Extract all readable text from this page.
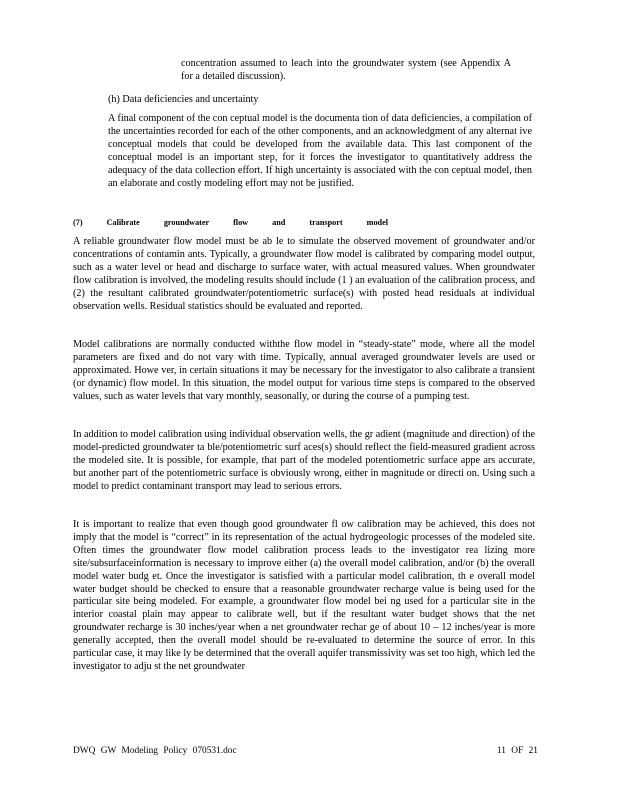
concentration assumed to leach into the groundwater system (see Appendix A for a detailed discussion).

(h) Data deficiencies and uncertainty

A final component of the con ceptual model is the documenta tion of data deficiencies, a compilation of the uncertainties recorded for each of the other components, and an acknowledgment of any alternat ive conceptual models that could be developed from the available data. This last component of the conceptual model is an important step, for it forces the investigator to quantitatively address the adequacy of the data collection effort. If high uncertainty is associated with the con ceptual model, then an elaborate and costly modeling effort may not be justified.

(7) Calibrate groundwater flow and transport model

A reliable groundwater flow model must be ab le to simulate the observed movement of groundwater and/or concentrations of contamin ants. Typically, a groundwater flow model is calibrated by comparing model output, such as a water level or head and discharge to surface water, with actual measured values. When groundwater flow calibration is involved, the modeling results should include (1 ) an evaluation of the calibration process, and (2) the resultant calibrated groundwater/potentiometric surface(s) with posted head residuals at individual observation wells. Residual statistics should be evaluated and reported.

Model calibrations are normally conducted withthe flow model in “steady-state” mode, where all the model parameters are fixed and do not vary with time. Typically, annual averaged groundwater levels are used or approximated. Howe ver, in certain situations it may be necessary for the investigator to also calibrate a transient (or dynamic) flow model. In this situation, the model output for various time steps is compared to the observed values, such as water levels that vary monthly, seasonally, or during the course of a pumping test.

In addition to model calibration using individual observation wells, the gr adient (magnitude and direction) of the model-predicted groundwater ta ble/potentiometric surf aces(s) should reflect the field-measured gradient across the modeled site. It is possible, for example, that part of the modeled potentiometric surface appe ars accurate, but another part of the potentiometric surface is obviously wrong, either in magnitude or directi on. Using such a model to predict contaminant transport may lead to serious errors.

It is important to realize that even though good groundwater fl ow calibration may be achieved, this does not imply that the model is “correct” in its representation of the actual hydrogeologic processes of the modeled site. Often times the groundwater flow model calibration process leads to the investigator rea lizing more site/subsurfaceinformation is necessary to improve either (a) the overall model calibration, and/or (b) the overall model water budg et. Once the investigator is satisfied with a particular model calibration, th e overall model water budget should be checked to ensure that a reasonable groundwater recharge value is being used for the particular site being modeled. For example, a groundwater flow model bei ng used for a particular site in the interior coastal plain may appear to calibrate well, but if the resultant water budget shows that the net groundwater recharge is 30 inches/year when a net groundwater rechar ge of about 10 – 12 inches/year is more generally accepted, then the overall model should be re-evaluated to determine the source of error. In this particular case, it may like ly be determined that the overall aquifer transmissivity was set too high, which led the investigator to adju st the net groundwater

DWQ GW Modeling Policy 070531.doc	11 OF 21
